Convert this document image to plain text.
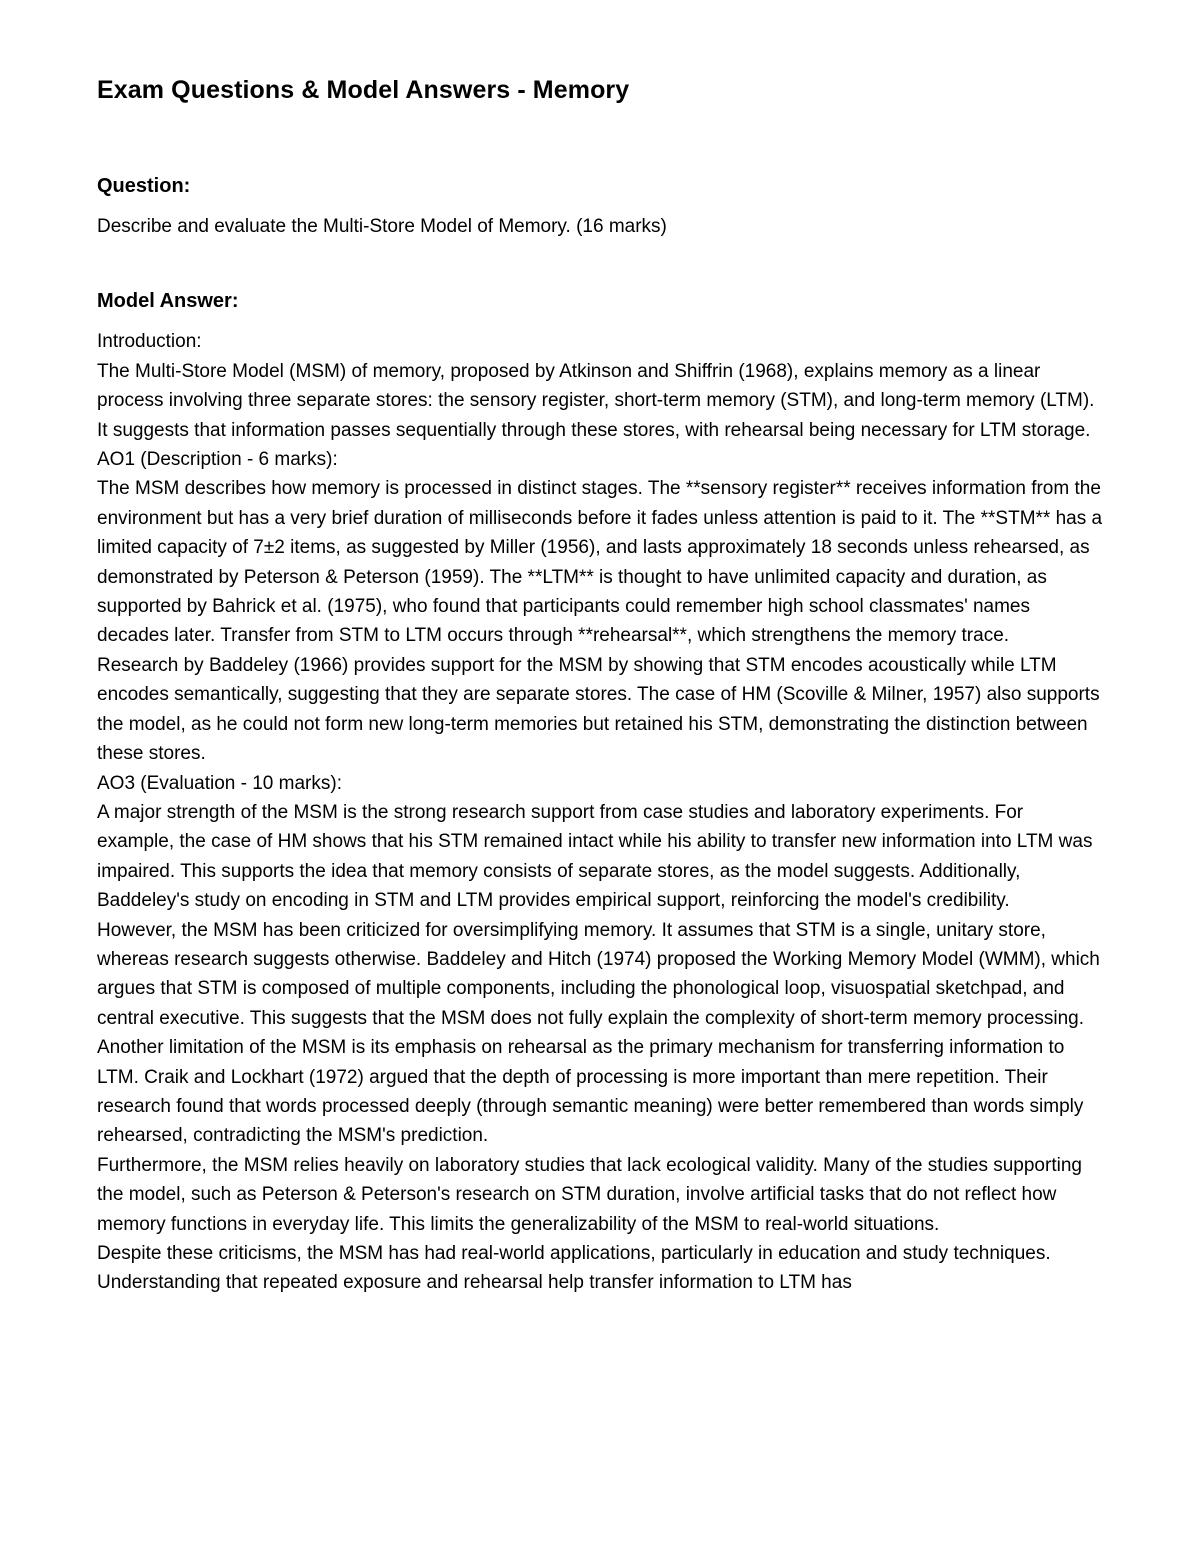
Exam Questions & Model Answers - Memory
Question:

Describe and evaluate the Multi-Store Model of Memory. (16 marks)

Model Answer:

Introduction:

The Multi-Store Model (MSM) of memory, proposed by Atkinson and Shiffrin (1968), explains memory as a linear process involving three separate stores: the sensory register, short-term memory (STM), and long-term memory (LTM). It suggests that information passes sequentially through these stores, with rehearsal being necessary for LTM storage.

AO1 (Description - 6 marks):

The MSM describes how memory is processed in distinct stages. The **sensory register** receives information from the environment but has a very brief duration of milliseconds before it fades unless attention is paid to it. The **STM** has a limited capacity of 7±2 items, as suggested by Miller (1956), and lasts approximately 18 seconds unless rehearsed, as demonstrated by Peterson & Peterson (1959). The **LTM** is thought to have unlimited capacity and duration, as supported by Bahrick et al. (1975), who found that participants could remember high school classmates' names decades later. Transfer from STM to LTM occurs through **rehearsal**, which strengthens the memory trace.

Research by Baddeley (1966) provides support for the MSM by showing that STM encodes acoustically while LTM encodes semantically, suggesting that they are separate stores. The case of HM (Scoville & Milner, 1957) also supports the model, as he could not form new long-term memories but retained his STM, demonstrating the distinction between these stores.

AO3 (Evaluation - 10 marks):

A major strength of the MSM is the strong research support from case studies and laboratory experiments. For example, the case of HM shows that his STM remained intact while his ability to transfer new information into LTM was impaired. This supports the idea that memory consists of separate stores, as the model suggests. Additionally, Baddeley's study on encoding in STM and LTM provides empirical support, reinforcing the model's credibility.

However, the MSM has been criticized for oversimplifying memory. It assumes that STM is a single, unitary store, whereas research suggests otherwise. Baddeley and Hitch (1974) proposed the Working Memory Model (WMM), which argues that STM is composed of multiple components, including the phonological loop, visuospatial sketchpad, and central executive. This suggests that the MSM does not fully explain the complexity of short-term memory processing.

Another limitation of the MSM is its emphasis on rehearsal as the primary mechanism for transferring information to LTM. Craik and Lockhart (1972) argued that the depth of processing is more important than mere repetition. Their research found that words processed deeply (through semantic meaning) were better remembered than words simply rehearsed, contradicting the MSM's prediction.

Furthermore, the MSM relies heavily on laboratory studies that lack ecological validity. Many of the studies supporting the model, such as Peterson & Peterson's research on STM duration, involve artificial tasks that do not reflect how memory functions in everyday life. This limits the generalizability of the MSM to real-world situations.

Despite these criticisms, the MSM has had real-world applications, particularly in education and study techniques. Understanding that repeated exposure and rehearsal help transfer information to LTM has
